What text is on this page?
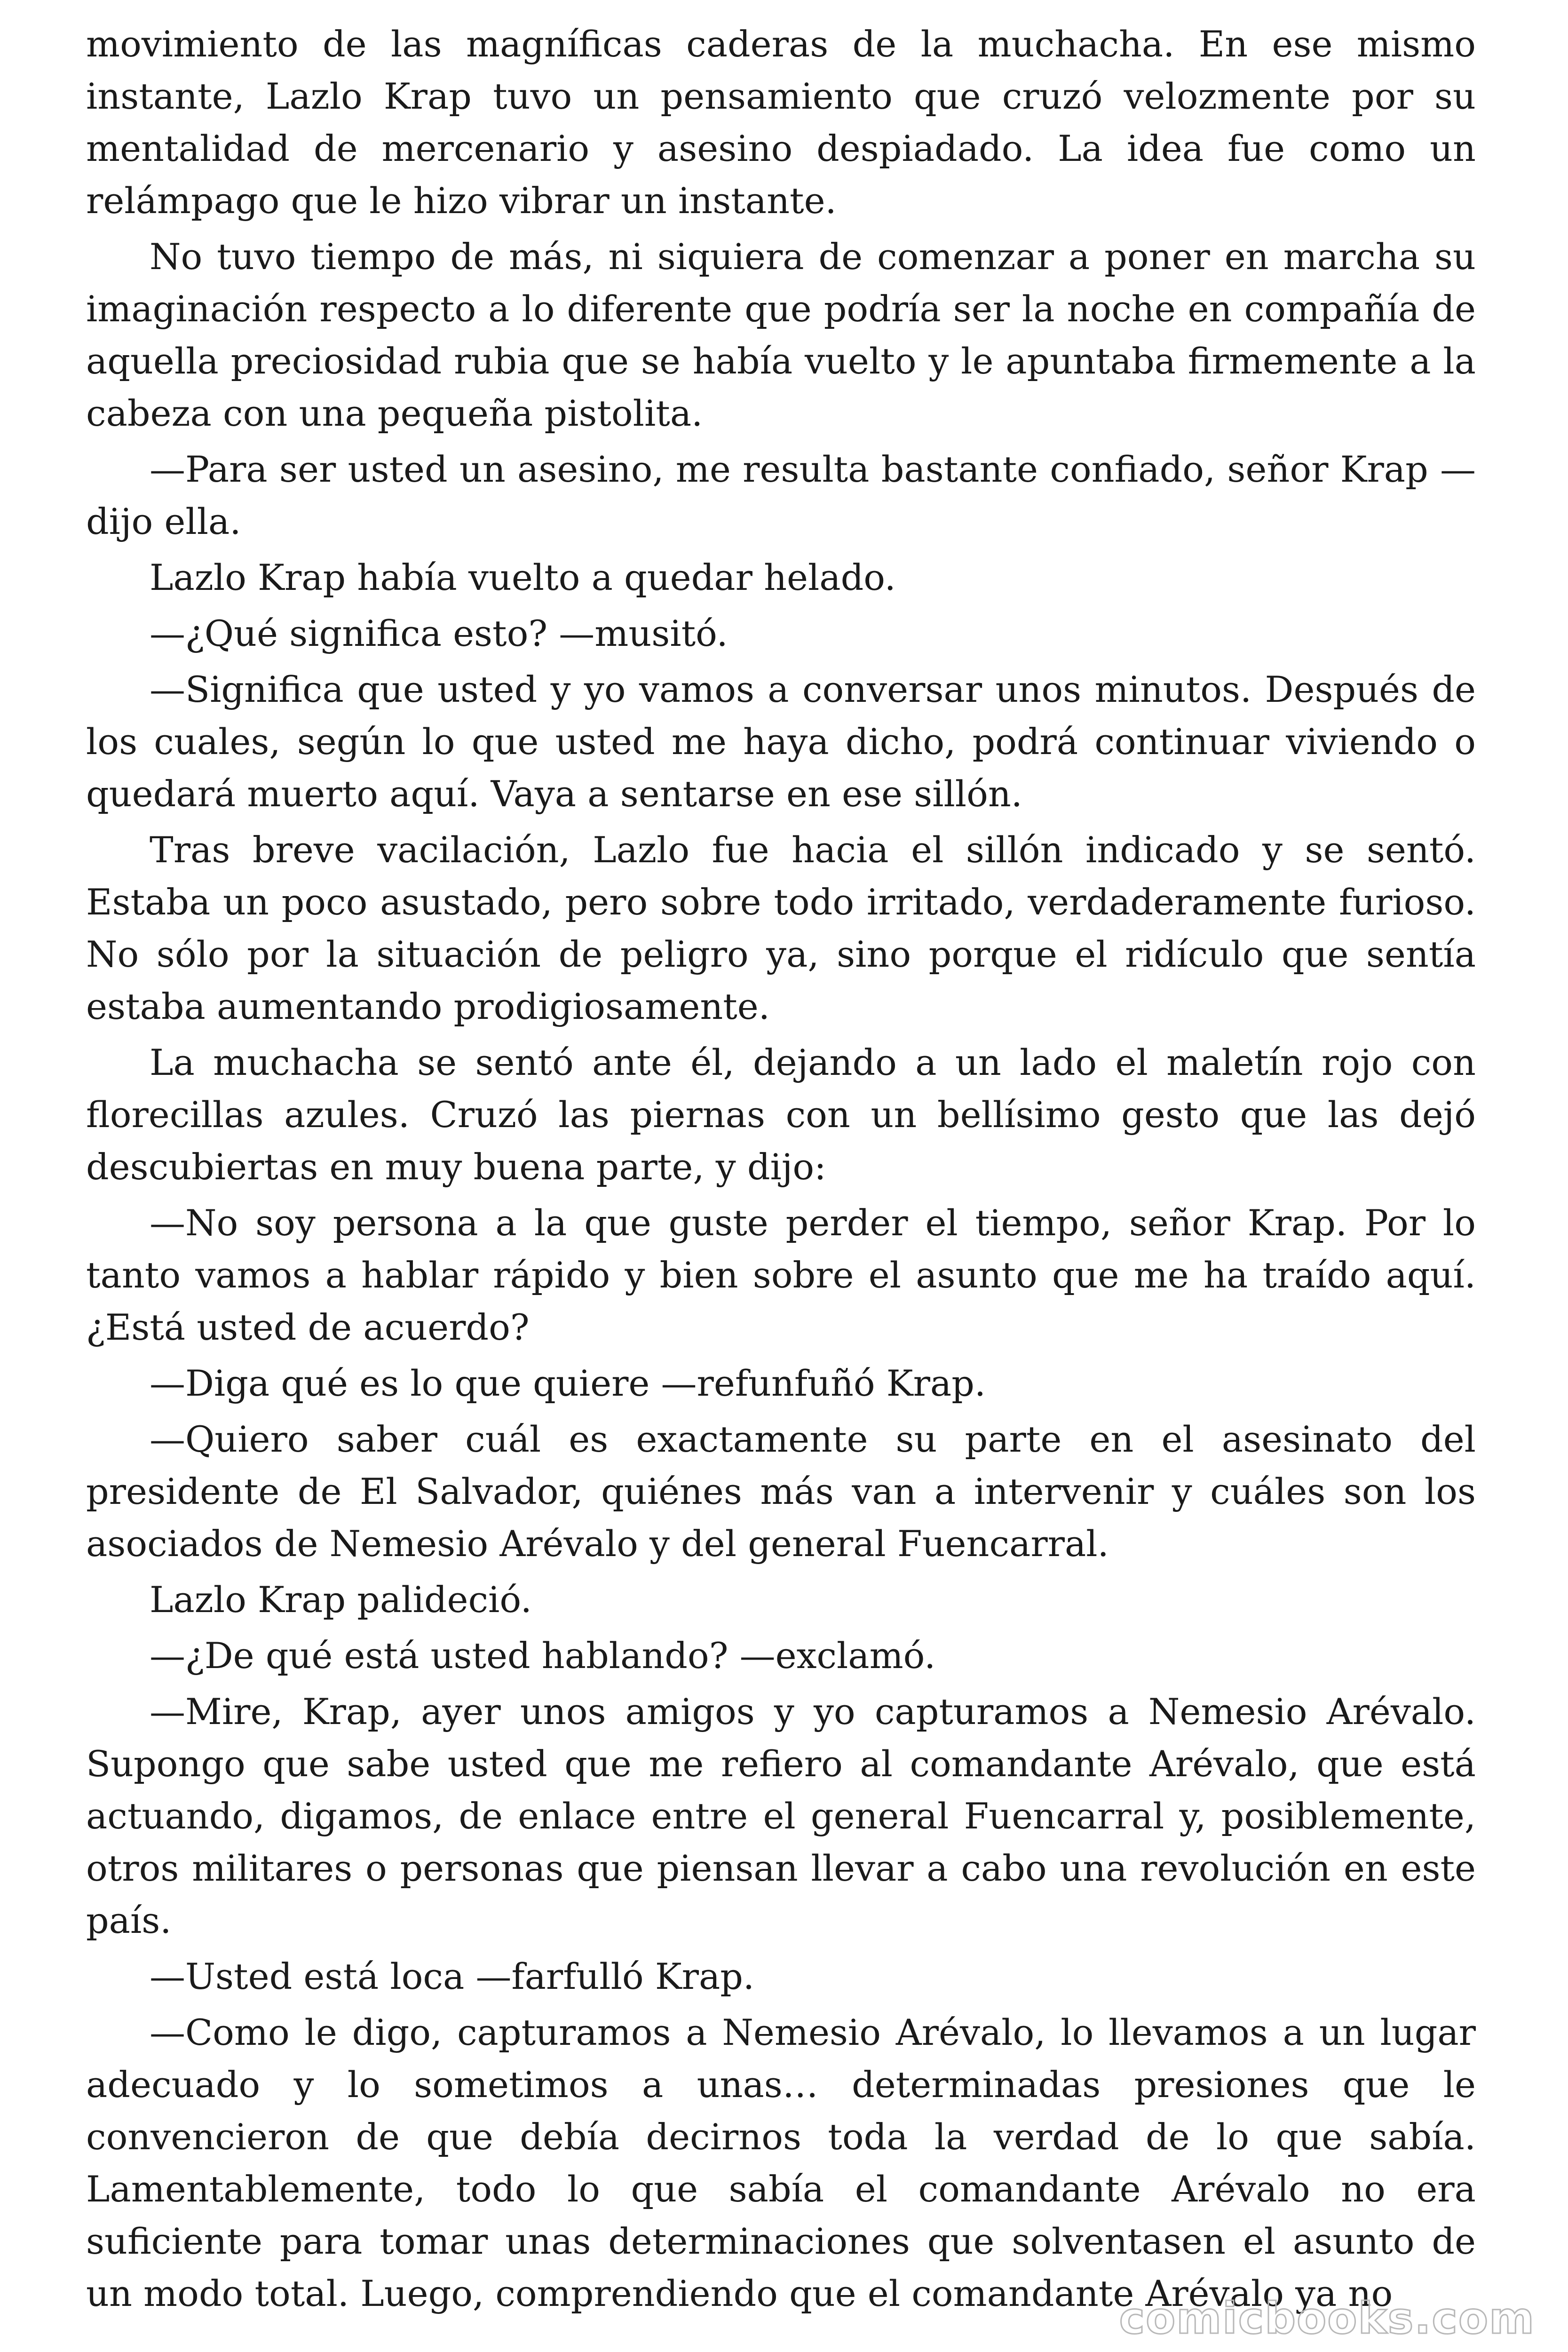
movimiento de las magníficas caderas de la muchacha. En ese mismo instante, Lazlo Krap tuvo un pensamiento que cruzó velozmente por su mentalidad de mercenario y asesino despiadado. La idea fue como un relámpago que le hizo vibrar un instante.

No tuvo tiempo de más, ni siquiera de comenzar a poner en marcha su imaginación respecto a lo diferente que podría ser la noche en compañía de aquella preciosidad rubia que se había vuelto y le apuntaba firmemente a la cabeza con una pequeña pistolita.

—Para ser usted un asesino, me resulta bastante confiado, señor Krap —dijo ella.

Lazlo Krap había vuelto a quedar helado.

—¿Qué significa esto? —musitó.

—Significa que usted y yo vamos a conversar unos minutos. Después de los cuales, según lo que usted me haya dicho, podrá continuar viviendo o quedará muerto aquí. Vaya a sentarse en ese sillón.

Tras breve vacilación, Lazlo fue hacia el sillón indicado y se sentó. Estaba un poco asustado, pero sobre todo irritado, verdaderamente furioso. No sólo por la situación de peligro ya, sino porque el ridículo que sentía estaba aumentando prodigiosamente.

La muchacha se sentó ante él, dejando a un lado el maletín rojo con florecillas azules. Cruzó las piernas con un bellísimo gesto que las dejó descubiertas en muy buena parte, y dijo:

—No soy persona a la que guste perder el tiempo, señor Krap. Por lo tanto vamos a hablar rápido y bien sobre el asunto que me ha traído aquí. ¿Está usted de acuerdo?

—Diga qué es lo que quiere —refunfuñó Krap.

—Quiero saber cuál es exactamente su parte en el asesinato del presidente de El Salvador, quiénes más van a intervenir y cuáles son los asociados de Nemesio Arévalo y del general Fuencarral.

Lazlo Krap palideció.

—¿De qué está usted hablando? —exclamó.

—Mire, Krap, ayer unos amigos y yo capturamos a Nemesio Arévalo. Supongo que sabe usted que me refiero al comandante Arévalo, que está actuando, digamos, de enlace entre el general Fuencarral y, posiblemente, otros militares o personas que piensan llevar a cabo una revolución en este país.

—Usted está loca —farfulló Krap.

—Como le digo, capturamos a Nemesio Arévalo, lo llevamos a un lugar adecuado y lo sometimos a unas… determinadas presiones que le convencieron de que debía decirnos toda la verdad de lo que sabía. Lamentablemente, todo lo que sabía el comandante Arévalo no era suficiente para tomar unas determinaciones que solventasen el asunto de un modo total. Luego, comprendiendo que el comandante Arévalo ya no

comicbooks.com
